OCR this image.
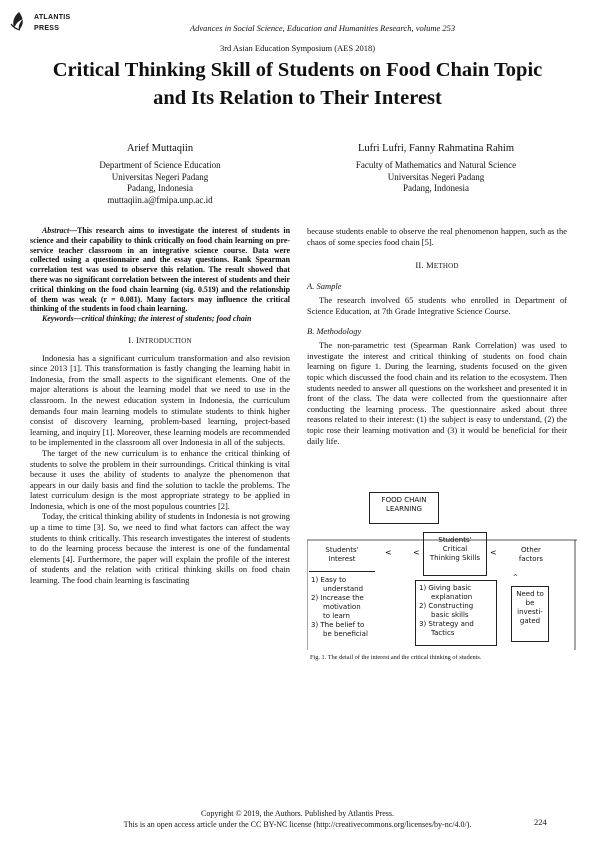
ATLANTIS
PRESS	Advances in Social Science, Education and Humanities Research, volume 253
3rd Asian Education Symposium (AES 2018)
Critical Thinking Skill of Students on Food Chain Topic and Its Relation to Their Interest
Arief Muttaqiin
Department of Science Education
Universitas Negeri Padang
Padang, Indonesia
muttaqiin.a@fmipa.unp.ac.id
Lufri Lufri, Fanny Rahmatina Rahim
Faculty of Mathematics and Natural Science
Universitas Negeri Padang
Padang, Indonesia

Abstract—This research aims to investigate the interest of students in science and their capability to think critically on food chain learning on pre-service teacher classroom in an integrative science course. Data were collected using a questionnaire and the essay questions. Rank Spearman correlation test was used to observe this relation. The result showed that there was no significant correlation between the interest of students and their critical thinking on the food chain learning (sig. 0.519) and the relationship of them was weak (r = 0.081). Many factors may influence the critical thinking of the students in food chain learning.

Keywords—critical thinking; the interest of students; food chain

I. INTRODUCTION

Indonesia has a significant curriculum transformation and also revision since 2013 [1]. This transformation is fastly changing the learning habit in Indonesia, from the small aspects to the significant elements. One of the major alterations is about the learning model that we need to use in the classroom. In the newest education system in Indonesia, the curriculum demands four main learning models to stimulate students to think higher consist of discovery learning, problem-based learning, project-based learning, and inquiry [1]. Moreover, these learning models are recommended to be implemented in the classroom all over Indonesia in all of the subjects.

The target of the new curriculum is to enhance the critical thinking of students to solve the problem in their surroundings. Critical thinking is vital because it uses the ability of students to analyze the phenomenon that appears in our daily basis and find the solution to tackle the problems. The latest curriculum design is the most appropriate strategy to be applied in Indonesia, which is one of the most populous countries [2].

Today, the critical thinking ability of students in Indonesia is not growing up a time to time [3]. So, we need to find what factors can affect the way students to think critically. This research investigates the interest of students to do the learning process because the interest is one of the fundamental elements [4]. Furthermore, the paper will explain the profile of the interest of students and the relation with critical thinking skills on food chain learning. The food chain learning is fascinating

because students enable to observe the real phenomenon happen, such as the chaos of some species food chain [5].

II. METHOD
A. Sample

The research involved 65 students who enrolled in Department of Science Education, at 7th Grade Integrative Science Course.

B. Methodology

The non-parametric test (Spearman Rank Correlation) was used to investigate the interest and critical thinking of students on food chain learning on figure 1. During the learning, students focused on the given topic which discussed the food chain and its relation to the ecosystem. Then students needed to answer all questions on the worksheet and presented it in front of the class. The data were collected from the questionnaire after conducting the learning process. The questionnaire asked about three reasons related to their interest: (1) the subject is easy to understand, (2) the topic rose their learning motivation and (3) it would be beneficial for their daily life.

<	<	<
^
FOOD CHAIN
LEARNING
Students'
Interest
1) Easy to
understand
2) Increase the
motivation
to learn
3) The belief to
be beneficial
Students'
Critical
Thinking Skills
1) Giving basic
explanation
2) Constructing
basic skills
3) Strategy and
Tactics
Other
factors
Need to
be
investi-
gated
Fig. 1. The detail of the interest and the critical thinking of students.
Copyright © 2019, the Authors. Published by Atlantis Press.
This is an open access article under the CC BY-NC license (http://creativecommons.org/licenses/by-nc/4.0/).	224
